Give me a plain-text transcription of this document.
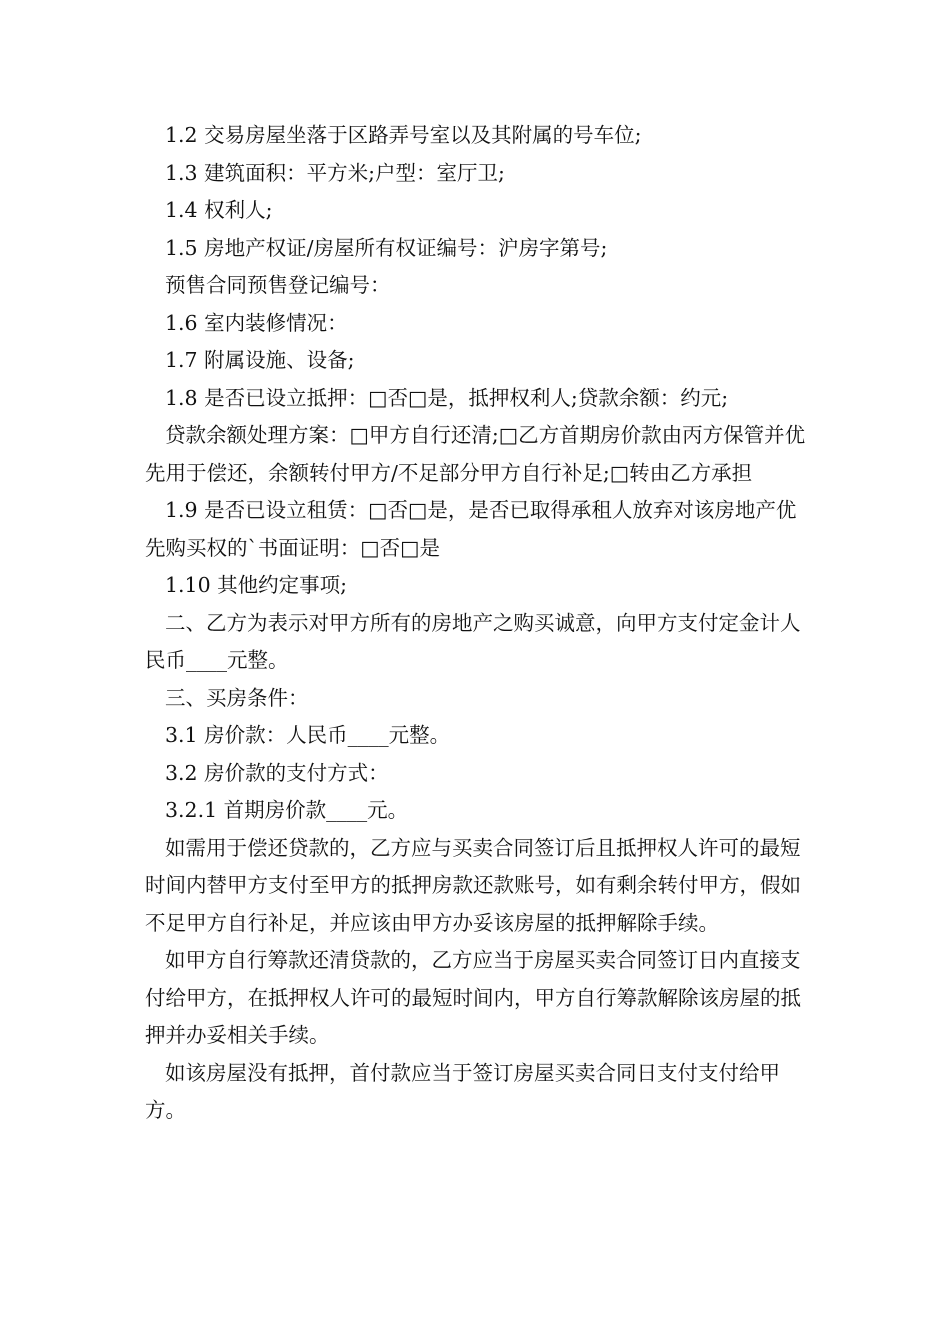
1.2 交易房屋坐落于区路弄号室以及其附属的号车位;

1.3 建筑面积：平方米;户型：室厅卫;

1.4 权利人;

1.5 房地产权证/房屋所有权证编号：沪房字第号;

预售合同预售登记编号：

1.6 室内装修情况：

1.7 附属设施、设备;

1.8 是否已设立抵押：□否□是，抵押权利人;贷款余额：约元;

贷款余额处理方案：□甲方自行还清;□乙方首期房价款由丙方保管并优先用于偿还，余额转付甲方/不足部分甲方自行补足;□转由乙方承担

1.9 是否已设立租赁：□否□是，是否已取得承租人放弃对该房地产优先购买权的`书面证明：□否□是

1.10 其他约定事项;

二、乙方为表示对甲方所有的房地产之购买诚意，向甲方支付定金计人民币____元整。

三、买房条件：

3.1 房价款：人民币____元整。

3.2 房价款的支付方式：

3.2.1 首期房价款____元。

如需用于偿还贷款的，乙方应与买卖合同签订后且抵押权人许可的最短时间内替甲方支付至甲方的抵押房款还款账号，如有剩余转付甲方，假如不足甲方自行补足，并应该由甲方办妥该房屋的抵押解除手续。

如甲方自行筹款还清贷款的，乙方应当于房屋买卖合同签订日内直接支付给甲方，在抵押权人许可的最短时间内，甲方自行筹款解除该房屋的抵押并办妥相关手续。

如该房屋没有抵押，首付款应当于签订房屋买卖合同日支付支付给甲方。
